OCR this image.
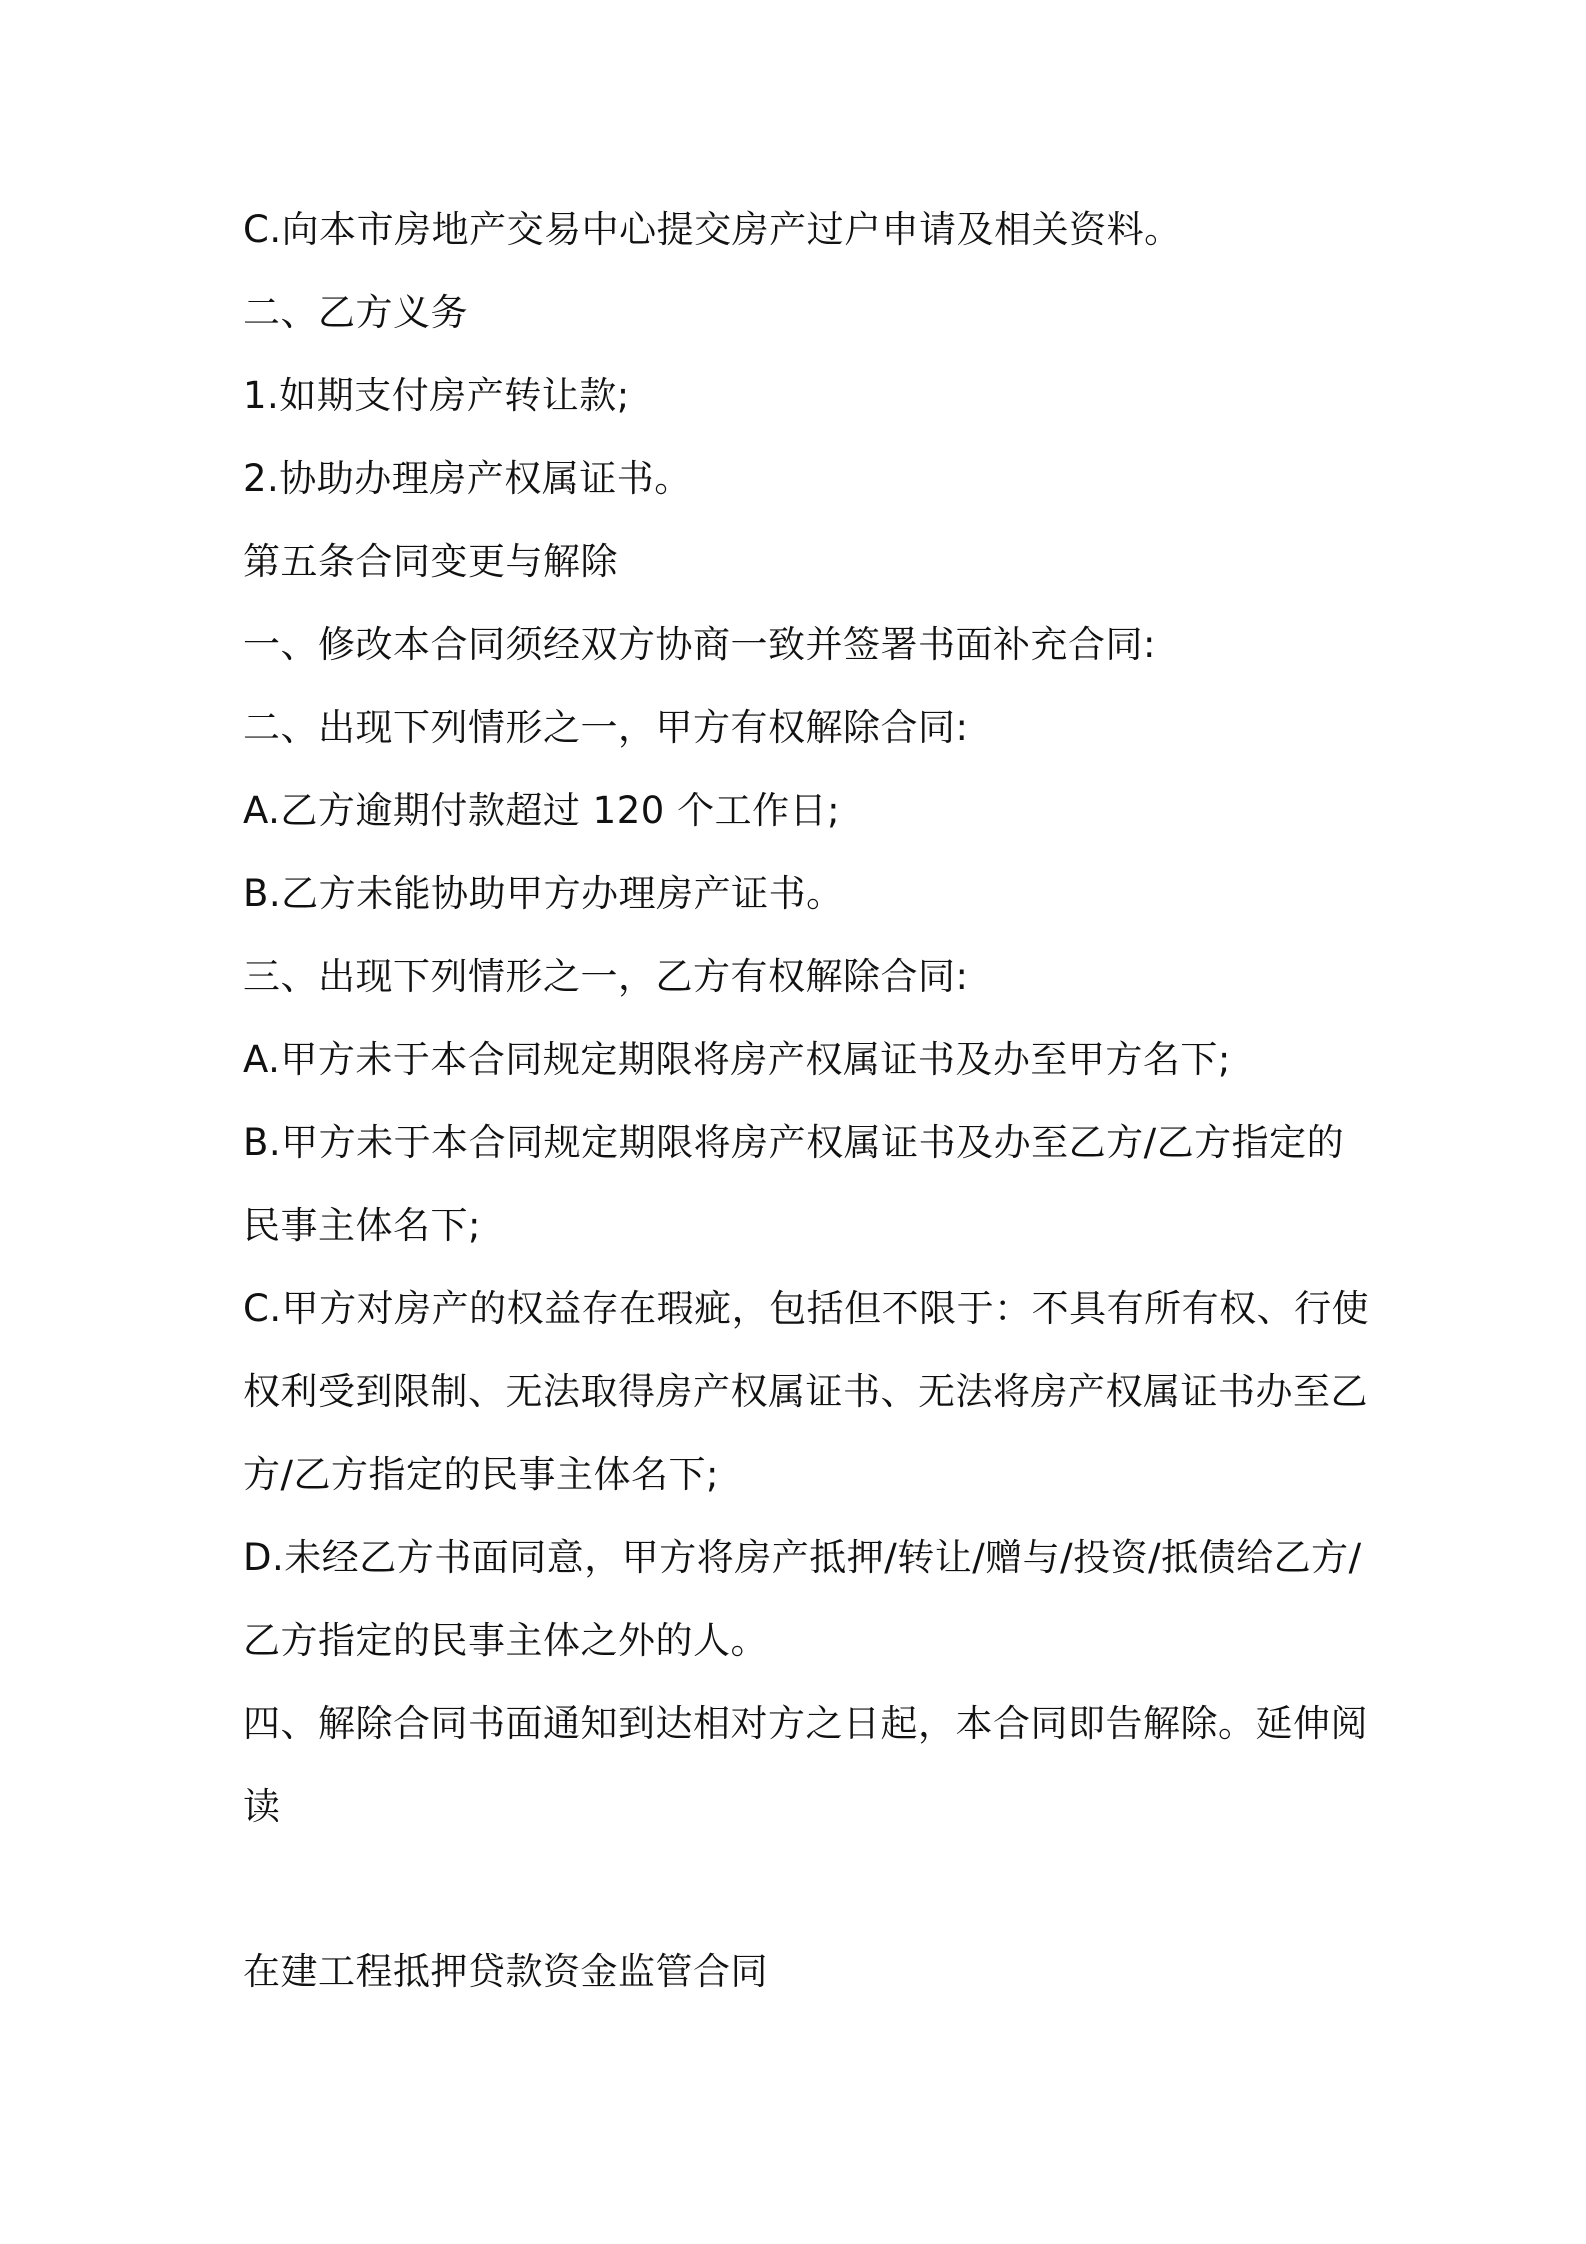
C.向本市房地产交易中心提交房产过户申请及相关资料。
二、乙方义务
1.如期支付房产转让款;
2.协助办理房产权属证书。
第五条合同变更与解除
一、修改本合同须经双方协商一致并签署书面补充合同:
二、出现下列情形之一，甲方有权解除合同:
A.乙方逾期付款超过 120 个工作日;
B.乙方未能协助甲方办理房产证书。
三、出现下列情形之一，乙方有权解除合同:
A.甲方未于本合同规定期限将房产权属证书及办至甲方名下;
B.甲方未于本合同规定期限将房产权属证书及办至乙方/乙方指定的
民事主体名下;
C.甲方对房产的权益存在瑕疵，包括但不限于：不具有所有权、行使
权利受到限制、无法取得房产权属证书、无法将房产权属证书办至乙
方/乙方指定的民事主体名下;
D.未经乙方书面同意，甲方将房产抵押/转让/赠与/投资/抵债给乙方/
乙方指定的民事主体之外的人。
四、解除合同书面通知到达相对方之日起，本合同即告解除。延伸阅
读
在建工程抵押贷款资金监管合同
